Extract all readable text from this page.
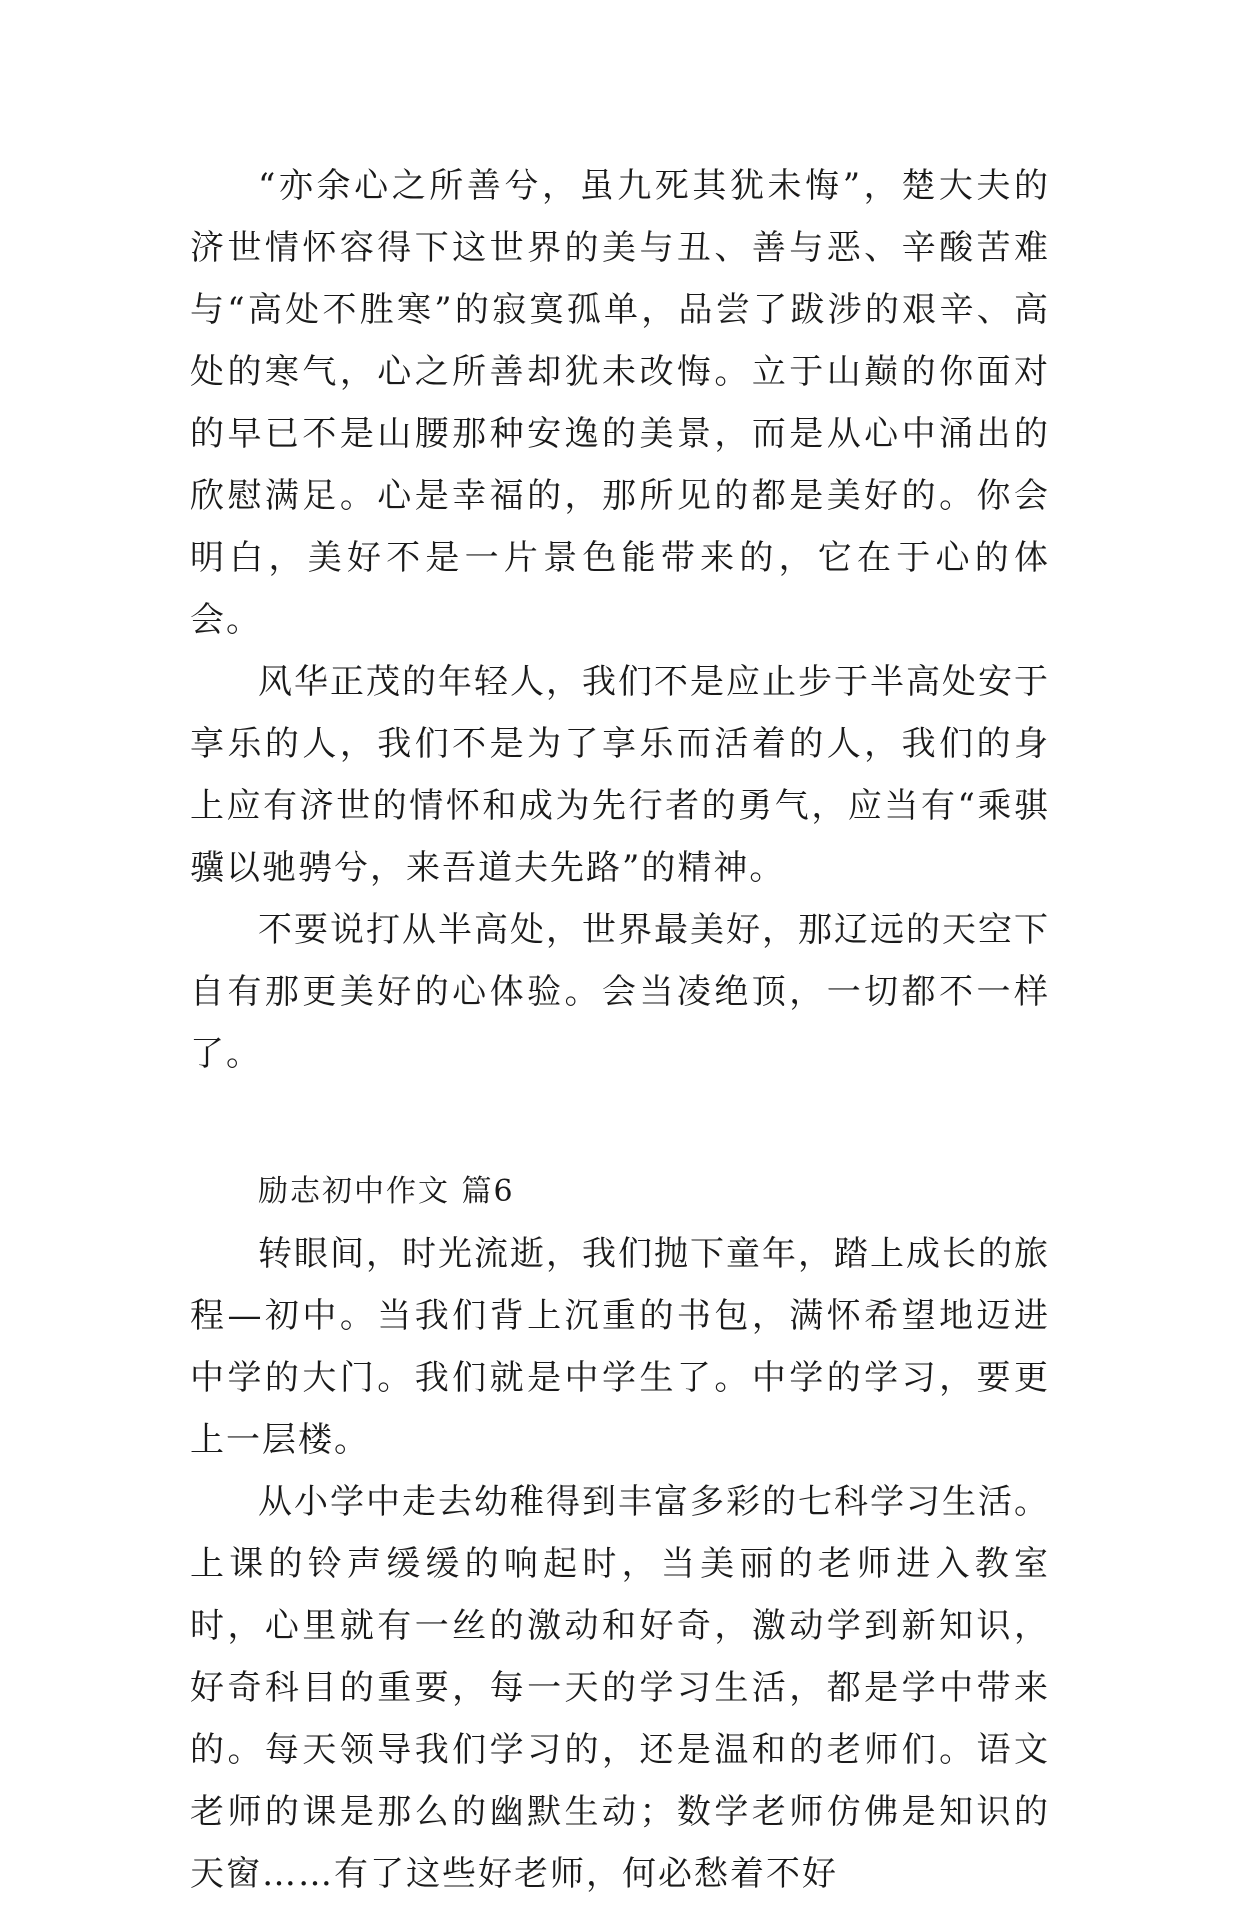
“亦余心之所善兮，虽九死其犹未悔”，楚大夫的济世情怀容得下这世界的美与丑、善与恶、辛酸苦难与“高处不胜寒”的寂寞孤单，品尝了跋涉的艰辛、高处的寒气，心之所善却犹未改悔。立于山巅的你面对的早已不是山腰那种安逸的美景，而是从心中涌出的欣慰满足。心是幸福的，那所见的都是美好的。你会明白，美好不是一片景色能带来的，它在于心的体会。

风华正茂的年轻人，我们不是应止步于半高处安于享乐的人，我们不是为了享乐而活着的人，我们的身上应有济世的情怀和成为先行者的勇气，应当有“乘骐骥以驰骋兮，来吾道夫先路”的精神。

不要说打从半高处，世界最美好，那辽远的天空下自有那更美好的心体验。会当凌绝顶，一切都不一样了。

励志初中作文 篇6

转眼间，时光流逝，我们抛下童年，踏上成长的旅程—初中。当我们背上沉重的书包，满怀希望地迈进中学的大门。我们就是中学生了。中学的学习，要更上一层楼。

从小学中走去幼稚得到丰富多彩的七科学习生活。上课的铃声缓缓的响起时，当美丽的老师进入教室时，心里就有一丝的激动和好奇，激动学到新知识，好奇科目的重要，每一天的学习生活，都是学中带来的。每天领导我们学习的，还是温和的老师们。语文老师的课是那么的幽默生动；数学老师仿佛是知识的天窗……有了这些好老师，何必愁着不好
